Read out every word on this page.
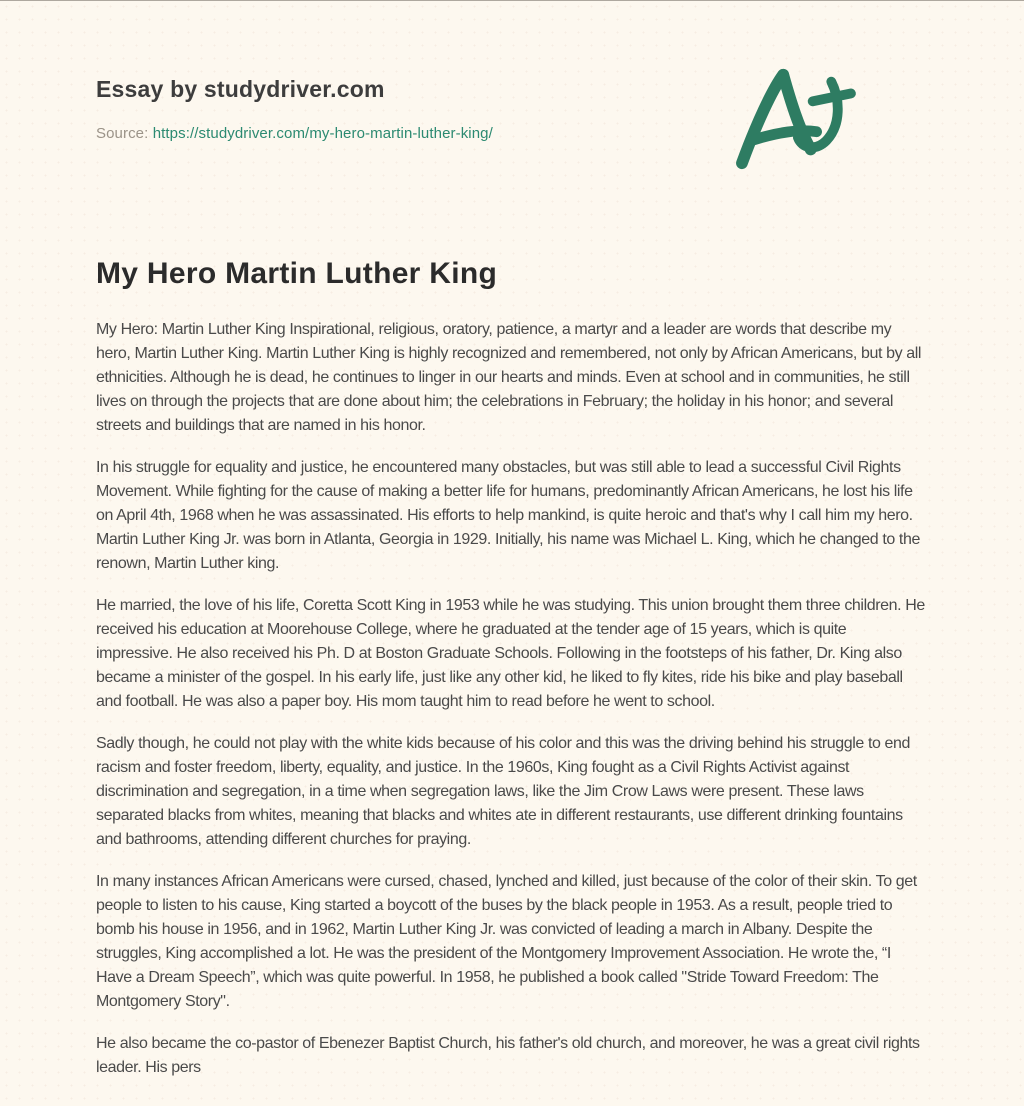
Essay by studydriver.com
Source: https://studydriver.com/my-hero-martin-luther-king/
My Hero Martin Luther King

My Hero: Martin Luther King Inspirational, religious, oratory, patience, a martyr and a leader are words that describe my hero, Martin Luther King. Martin Luther King is highly recognized and remembered, not only by African Americans, but by all ethnicities. Although he is dead, he continues to linger in our hearts and minds. Even at school and in communities, he still lives on through the projects that are done about him; the celebrations in February; the holiday in his honor; and several streets and buildings that are named in his honor.

In his struggle for equality and justice, he encountered many obstacles, but was still able to lead a successful Civil Rights Movement. While fighting for the cause of making a better life for humans, predominantly African Americans, he lost his life on April 4th, 1968 when he was assassinated. His efforts to help mankind, is quite heroic and that's why I call him my hero. Martin Luther King Jr. was born in Atlanta, Georgia in 1929. Initially, his name was Michael L. King, which he changed to the renown, Martin Luther king.

He married, the love of his life, Coretta Scott King in 1953 while he was studying. This union brought them three children. He received his education at Moorehouse College, where he graduated at the tender age of 15 years, which is quite impressive. He also received his Ph. D at Boston Graduate Schools. Following in the footsteps of his father, Dr. King also became a minister of the gospel. In his early life, just like any other kid, he liked to fly kites, ride his bike and play baseball and football. He was also a paper boy. His mom taught him to read before he went to school.

Sadly though, he could not play with the white kids because of his color and this was the driving behind his struggle to end racism and foster freedom, liberty, equality, and justice. In the 1960s, King fought as a Civil Rights Activist against discrimination and segregation, in a time when segregation laws, like the Jim Crow Laws were present. These laws separated blacks from whites, meaning that blacks and whites ate in different restaurants, use different drinking fountains and bathrooms, attending different churches for praying.

In many instances African Americans were cursed, chased, lynched and killed, just because of the color of their skin. To get people to listen to his cause, King started a boycott of the buses by the black people in 1953. As a result, people tried to bomb his house in 1956, and in 1962, Martin Luther King Jr. was convicted of leading a march in Albany. Despite the struggles, King accomplished a lot. He was the president of the Montgomery Improvement Association. He wrote the, “I Have a Dream Speech”, which was quite powerful. In 1958, he published a book called "Stride Toward Freedom: The Montgomery Story".

He also became the co-pastor of Ebenezer Baptist Church, his father's old church, and moreover, he was a great civil rights leader. His pers
